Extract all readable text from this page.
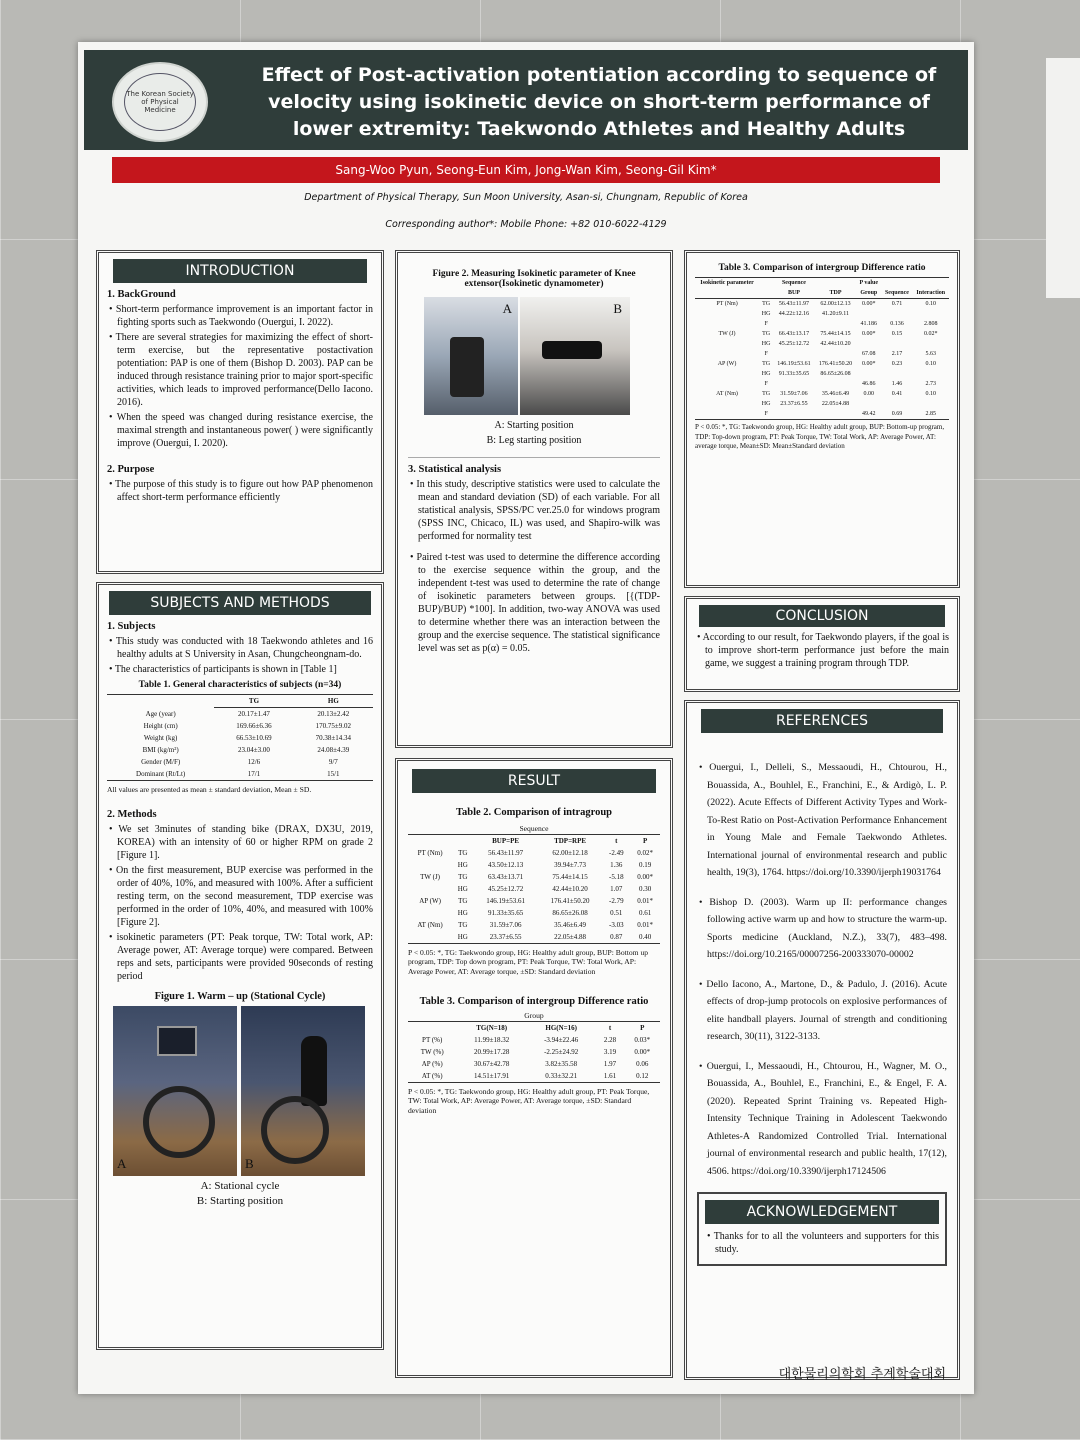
The Korean Society of Physical Medicine
Effect of Post-activation potentiation according to sequence of velocity using isokinetic device on short-term performance of lower extremity: Taekwondo Athletes and Healthy Adults
Sang-Woo Pyun, Seong-Eun Kim, Jong-Wan Kim, Seong-Gil Kim*
Department of Physical Therapy, Sun Moon University, Asan-si, Chungnam, Republic of Korea
Corresponding author*: Mobile Phone: +82 010-6022-4129
INTRODUCTION
1. BackGround
• Short-term performance improvement is an important factor in fighting sports such as Taekwondo (Ouergui, I. 2022).
• There are several strategies for maximizing the effect of short-term exercise, but the representative postactivation potentiation: PAP is one of them (Bishop D. 2003). PAP can be induced through resistance training prior to major sport-specific activities, which leads to improved performance(Dello Iacono. 2016).
• When the speed was changed during resistance exercise, the maximal strength and instantaneous power( ) were significantly improve (Ouergui, I. 2020).
2. Purpose
• The purpose of this study is to figure out how PAP phenomenon affect short-term performance efficiently
SUBJECTS AND METHODS
1. Subjects
• This study was conducted with 18 Taekwondo athletes and 16 healthy adults at S University in Asan, Chungcheongnam-do.
• The characteristics of participants is shown in [Table 1]
Table 1. General characteristics of subjects (n=34)
	TG	HG
Age (year)	20.17±1.47	20.13±2.42
Height (cm)	169.66±6.36	170.75±9.02
Weight (kg)	66.53±10.69	70.38±14.34
BMI (kg/m²)	23.04±3.00	24.08±4.39
Gender (M/F)	12/6	9/7
Dominant (Rt/Lt)	17/1	15/1
All values are presented as mean ± standard deviation, Mean ± SD.
2. Methods
• We set 3minutes of standing bike (DRAX, DX3U, 2019, KOREA) with an intensity of 60 or higher RPM on grade 2 [Figure 1].
• On the first measurement, BUP exercise was performed in the order of 40%, 10%, and measured with 100%. After a sufficient resting term, on the second measurement, TDP exercise was performed in the order of 10%, 40%, and measured with 100% [Figure 2].
• isokinetic parameters (PT: Peak torque, TW: Total work, AP: Average power, AT: Average torque) were compared. Between reps and sets, participants were provided 90seconds of resting period
Figure 1. Warm – up (Stational Cycle)
A	B
A: Stational cycle
B: Starting position
Figure 2. Measuring Isokinetic parameter of Knee extensor(Isokinetic dynamometer)
A	B
A: Starting position
B: Leg starting position
3. Statistical analysis
• In this study, descriptive statistics were used to calculate the mean and standard deviation (SD) of each variable. For all statistical analysis, SPSS/PC ver.25.0 for windows program (SPSS INC, Chicaco, IL) was used, and Shapiro-wilk was performed for normality test
• Paired t-test was used to determine the difference according to the exercise sequence within the group, and the independent t-test was used to determine the rate of change of isokinetic parameters between groups. [{(TDP-BUP)/BUP) *100]. In addition, two-way ANOVA was used to determine whether there was an interaction between the group and the exercise sequence. The statistical significance level was set as p(α) = 0.05.
RESULT
Table 2. Comparison of intragroup
Sequence
		BUP=PE	TDP=RPE	t	P
PT (Nm)	TG	56.43±11.97	62.00±12.18	-2.49	0.02*
	HG	43.50±12.13	39.94±7.73	1.36	0.19
TW (J)	TG	63.43±13.71	75.44±14.15	-5.18	0.00*
	HG	45.25±12.72	42.44±10.20	1.07	0.30
AP (W)	TG	146.19±53.61	176.41±50.20	-2.79	0.01*
	HG	91.33±35.65	86.65±26.08	0.51	0.61
AT (Nm)	TG	31.59±7.06	35.46±6.49	-3.03	0.01*
	HG	23.37±6.55	22.05±4.88	0.87	0.40
P < 0.05: *, TG: Taekwondo group, HG: Healthy adult group, BUP: Bottom up program, TDP: Top down program, PT: Peak Torque, TW: Total Work, AP: Average Power, AT: Average torque, ±SD: Standard deviation
Table 3. Comparison of intergroup Difference ratio
Group
	TG(N=18)	HG(N=16)	t	P
PT (%)	11.99±18.32	-3.94±22.46	2.28	0.03*
TW (%)	20.99±17.28	-2.25±24.92	3.19	0.00*
AP (%)	30.67±42.78	3.82±35.58	1.97	0.06
AT (%)	14.51±17.91	0.33±32.21	1.61	0.12
P < 0.05: *, TG: Taekwondo group, HG: Healthy adult group, PT: Peak Torque, TW: Total Work, AP: Average Power, AT: Average torque, ±SD: Standard deviation
Table 3. Comparison of intergroup Difference ratio
Isokinetic parameter		Sequence		P value		
		BUP	TDP	Group	Sequence	Interaction
PT (Nm)	TG	56.43±11.97	62.00±12.13	0.00*	0.71	0.10
	HG	44.22±12.16	41.20±9.11			
	F			41.186	0.136	2.808
TW (J)	TG	66.43±13.17	75.44±14.15	0.00*	0.15	0.02*
	HG	45.25±12.72	42.44±10.20			
	F			67.08	2.17	5.63
AP (W)	TG	146.19±53.61	176.41±50.20	0.00*	0.23	0.10
	HG	91.33±35.65	86.65±26.08			
	F			46.86	1.46	2.73
AT (Nm)	TG	31.59±7.06	35.46±6.49	0.00	0.41	0.10
	HG	23.37±6.55	22.05±4.88			
	F			49.42	0.69	2.85
P < 0.05: *, TG: Taekwondo group, HG: Healthy adult group, BUP: Bottom-up program, TDP: Top-down program, PT: Peak Torque, TW: Total Work, AP: Average Power, AT: average torque, Mean±SD: Mean±Standard deviation
CONCLUSION
• According to our result, for Taekwondo players, if the goal is to improve short-term performance just before the main game, we suggest a training program through TDP.
REFERENCES
• Ouergui, I., Delleli, S., Messaoudi, H., Chtourou, H., Bouassida, A., Bouhlel, E., Franchini, E., & Ardigò, L. P. (2022). Acute Effects of Different Activity Types and Work-To-Rest Ratio on Post-Activation Performance Enhancement in Young Male and Female Taekwondo Athletes. International journal of environmental research and public health, 19(3), 1764. https://doi.org/10.3390/ijerph19031764
• Bishop D. (2003). Warm up II: performance changes following active warm up and how to structure the warm-up. Sports medicine (Auckland, N.Z.), 33(7), 483–498. https://doi.org/10.2165/00007256-200333070-00002
• Dello Iacono, A., Martone, D., & Padulo, J. (2016). Acute effects of drop-jump protocols on explosive performances of elite handball players. Journal of strength and conditioning research, 30(11), 3122-3133.
• Ouergui, I., Messaoudi, H., Chtourou, H., Wagner, M. O., Bouassida, A., Bouhlel, E., Franchini, E., & Engel, F. A. (2020). Repeated Sprint Training vs. Repeated High-Intensity Technique Training in Adolescent Taekwondo Athletes-A Randomized Controlled Trial. International journal of environmental research and public health, 17(12), 4506. https://doi.org/10.3390/ijerph17124506
ACKNOWLEDGEMENT
• Thanks for to all the volunteers and supporters for this study.
대한물리의학회 추계학술대회
